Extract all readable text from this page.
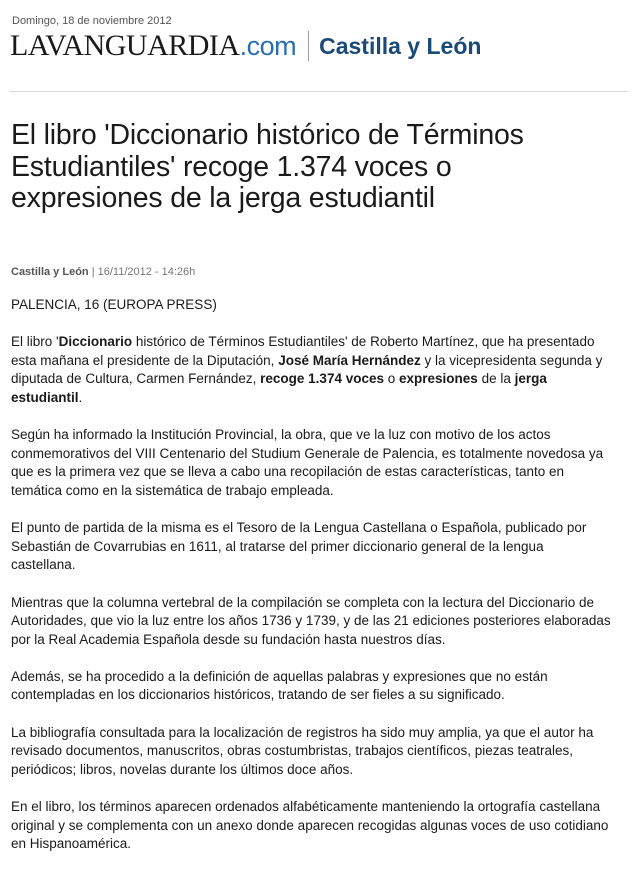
Domingo, 18 de noviembre 2012
LAVANGUARDIA.com Castilla y León
El libro 'Diccionario histórico de Términos Estudiantiles' recoge 1.374 voces o expresiones de la jerga estudiantil
Castilla y León | 16/11/2012 - 14:26h

PALENCIA, 16 (EUROPA PRESS)

El libro 'Diccionario histórico de Términos Estudiantiles' de Roberto Martínez, que ha presentado esta mañana el presidente de la Diputación, José María Hernández y la vicepresidenta segunda y diputada de Cultura, Carmen Fernández, recoge 1.374 voces o expresiones de la jerga estudiantil.

Según ha informado la Institución Provincial, la obra, que ve la luz con motivo de los actos conmemorativos del VIII Centenario del Studium Generale de Palencia, es totalmente novedosa ya que es la primera vez que se lleva a cabo una recopilación de estas características, tanto en temática como en la sistemática de trabajo empleada.

El punto de partida de la misma es el Tesoro de la Lengua Castellana o Española, publicado por Sebastián de Covarrubias en 1611, al tratarse del primer diccionario general de la lengua castellana.

Mientras que la columna vertebral de la compilación se completa con la lectura del Diccionario de Autoridades, que vio la luz entre los años 1736 y 1739, y de las 21 ediciones posteriores elaboradas por la Real Academia Española desde su fundación hasta nuestros días.

Además, se ha procedido a la definición de aquellas palabras y expresiones que no están contempladas en los diccionarios históricos, tratando de ser fieles a su significado.

La bibliografía consultada para la localización de registros ha sido muy amplia, ya que el autor ha revisado documentos, manuscritos, obras costumbristas, trabajos científicos, piezas teatrales, periódicos; libros, novelas durante los últimos doce años.

En el libro, los términos aparecen ordenados alfabéticamente manteniendo la ortografía castellana original y se complementa con un anexo donde aparecen recogidas algunas voces de uso cotidiano en Hispanoamérica.
